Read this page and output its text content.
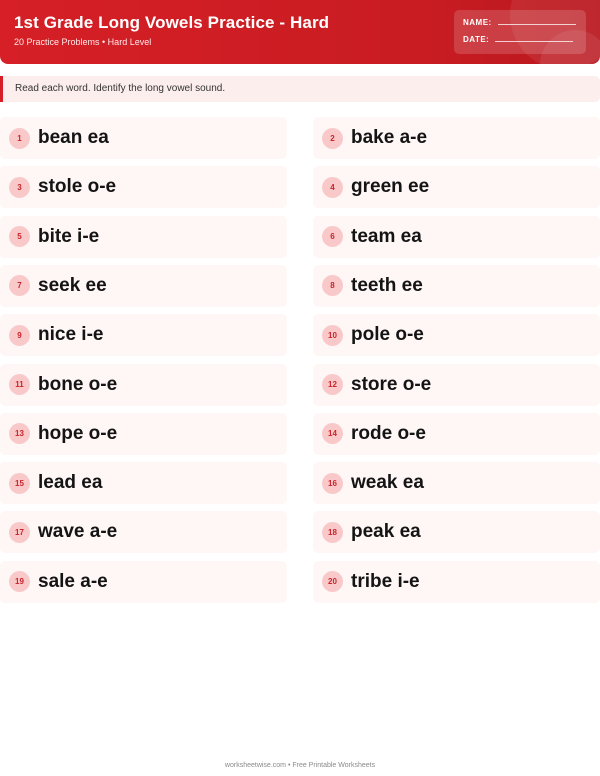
1st Grade Long Vowels Practice - Hard
20 Practice Problems • Hard Level
NAME:
DATE:
Read each word. Identify the long vowel sound.
1 bean ea	2 bake a-e
3 stole o-e	4 green ee
5 bite i-e	6 team ea
7 seek ee	8 teeth ee
9 nice i-e	10 pole o-e
11 bone o-e	12 store o-e
13 hope o-e	14 rode o-e
15 lead ea	16 weak ea
17 wave a-e	18 peak ea
19 sale a-e	20 tribe i-e
worksheetwise.com • Free Printable Worksheets
